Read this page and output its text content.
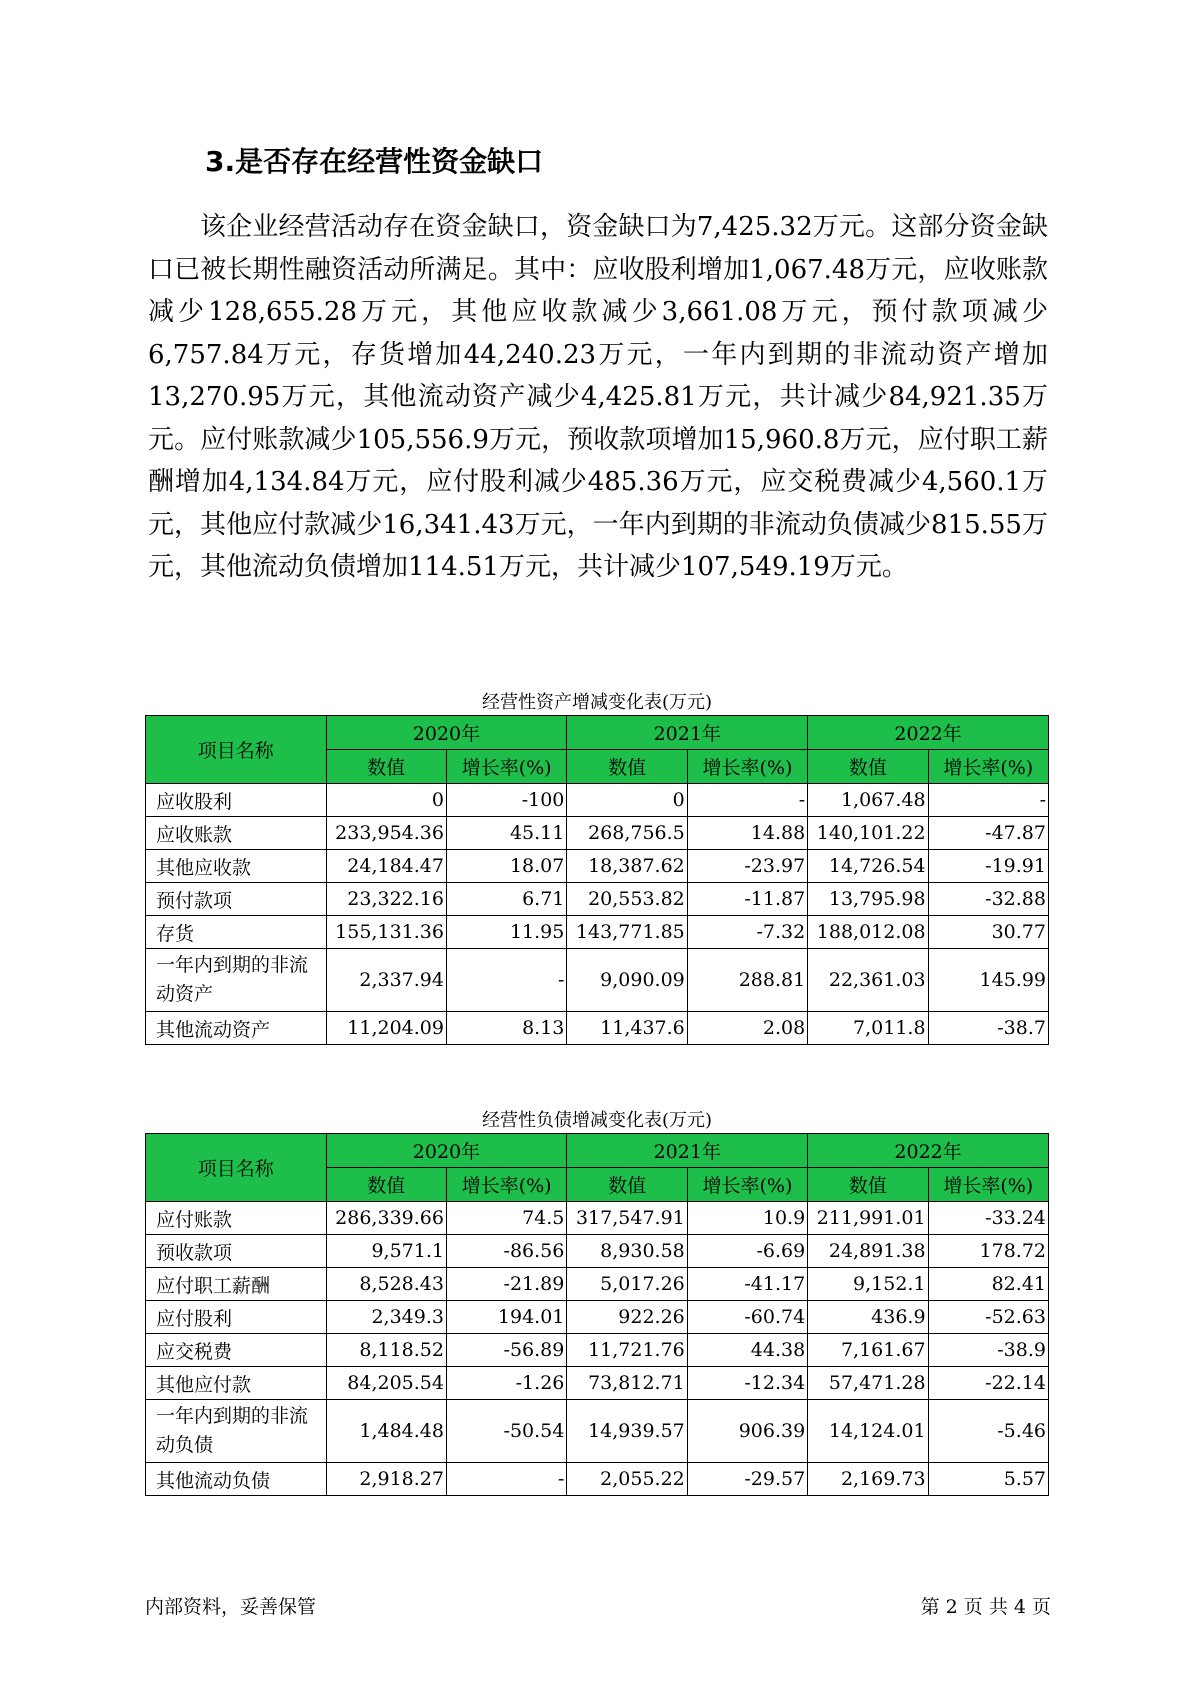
3.是否存在经营性资金缺口

该企业经营活动存在资金缺口，资金缺口为7,425.32万元。这部分资金缺口已被长期性融资活动所满足。其中：应收股利增加1,067.48万元，应收账款减少128,655.28万元，其他应收款减少3,661.08万元，预付款项减少6,757.84万元，存货增加44,240.23万元，一年内到期的非流动资产增加13,270.95万元，其他流动资产减少4,425.81万元，共计减少84,921.35万元。应付账款减少105,556.9万元，预收款项增加15,960.8万元，应付职工薪酬增加4,134.84万元，应付股利减少485.36万元，应交税费减少4,560.1万元，其他应付款减少16,341.43万元，一年内到期的非流动负债减少815.55万元，其他流动负债增加114.51万元，共计减少107,549.19万元。

经营性资产增减变化表(万元)
项目名称	2020年		2021年		2022年	
	数值	增长率(%)	数值	增长率(%)	数值	增长率(%)
应收股利	0	-100	0	-	1,067.48	-
应收账款	233,954.36	45.11	268,756.5	14.88	140,101.22	-47.87
其他应收款	24,184.47	18.07	18,387.62	-23.97	14,726.54	-19.91
预付款项	23,322.16	6.71	20,553.82	-11.87	13,795.98	-32.88
存货	155,131.36	11.95	143,771.85	-7.32	188,012.08	30.77
一年内到期的非流动资产	2,337.94	-	9,090.09	288.81	22,361.03	145.99
其他流动资产	11,204.09	8.13	11,437.6	2.08	7,011.8	-38.7
经营性负债增减变化表(万元)
项目名称	2020年		2021年		2022年	
	数值	增长率(%)	数值	增长率(%)	数值	增长率(%)
应付账款	286,339.66	74.5	317,547.91	10.9	211,991.01	-33.24
预收款项	9,571.1	-86.56	8,930.58	-6.69	24,891.38	178.72
应付职工薪酬	8,528.43	-21.89	5,017.26	-41.17	9,152.1	82.41
应付股利	2,349.3	194.01	922.26	-60.74	436.9	-52.63
应交税费	8,118.52	-56.89	11,721.76	44.38	7,161.67	-38.9
其他应付款	84,205.54	-1.26	73,812.71	-12.34	57,471.28	-22.14
一年内到期的非流动负债	1,484.48	-50.54	14,939.57	906.39	14,124.01	-5.46
其他流动负债	2,918.27	-	2,055.22	-29.57	2,169.73	5.57
内部资料，妥善保管	第 2 页 共 4 页
